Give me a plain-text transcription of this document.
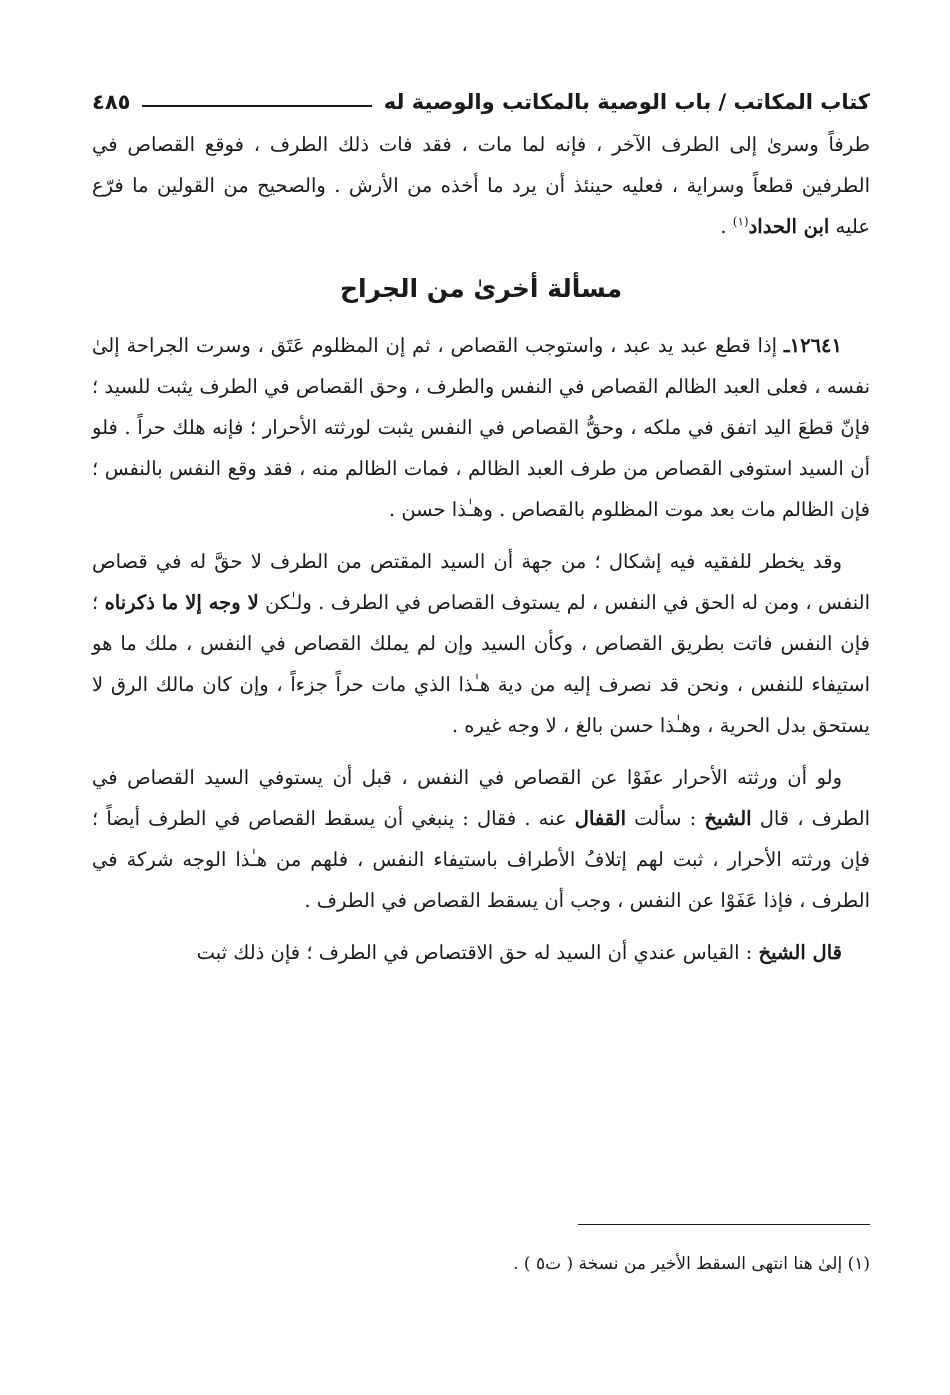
كتاب المكاتب / باب الوصية بالمكاتب والوصية له
٤٨٥

طرفاً وسرىٰ إلى الطرف الآخر ، فإنه لما مات ، فقد فات ذلك الطرف ، فوقع القصاص في الطرفين قطعاً وسراية ، فعليه حينئذ أن يرد ما أخذه من الأرش . والصحيح من القولين ما فرّع عليه ابن الحداد$^{(١)}$ .

مسألة أخرىٰ من الجراح

١٢٦٤١ـ إذا قطع عبد يد عبد ، واستوجب القصاص ، ثم إن المظلوم عَتَق ، وسرت الجراحة إلىٰ نفسه ، فعلى العبد الظالم القصاص في النفس والطرف ، وحق القصاص في الطرف يثبت للسيد ؛ فإنّ قطعَ اليد اتفق في ملكه ، وحقُّ القصاص في النفس يثبت لورثته الأحرار ؛ فإنه هلك حراً . فلو أن السيد استوفى القصاص من طرف العبد الظالم ، فمات الظالم منه ، فقد وقع النفس بالنفس ؛ فإن الظالم مات بعد موت المظلوم بالقصاص . وهـٰذا حسن .

وقد يخطر للفقيه فيه إشكال ؛ من جهة أن السيد المقتص من الطرف لا حقَّ له في قصاص النفس ، ومن له الحق في النفس ، لم يستوف القصاص في الطرف . ولـٰكن لا وجه إلا ما ذكرناه ؛ فإن النفس فاتت بطريق القصاص ، وكأن السيد وإن لم يملك القصاص في النفس ، ملك ما هو استيفاء للنفس ، ونحن قد نصرف إليه من دية هـٰذا الذي مات حراً جزءاً ، وإن كان مالك الرق لا يستحق بدل الحرية ، وهـٰذا حسن بالغ ، لا وجه غيره .

ولو أن ورثته الأحرار عفَوْا عن القصاص في النفس ، قبل أن يستوفي السيد القصاص في الطرف ، قال الشيخ : سألت القفال عنه . فقال : ينبغي أن يسقط القصاص في الطرف أيضاً ؛ فإن ورثته الأحرار ، ثبت لهم إتلافُ الأطراف باستيفاء النفس ، فلهم من هـٰذا الوجه شركة في الطرف ، فإذا عَفَوْا عن النفس ، وجب أن يسقط القصاص في الطرف .

قال الشيخ : القياس عندي أن السيد له حق الاقتصاص في الطرف ؛ فإن ذلك ثبت

(١) إلىٰ هنا انتهى السقط الأخير من نسخة ( ت٥ ) .
